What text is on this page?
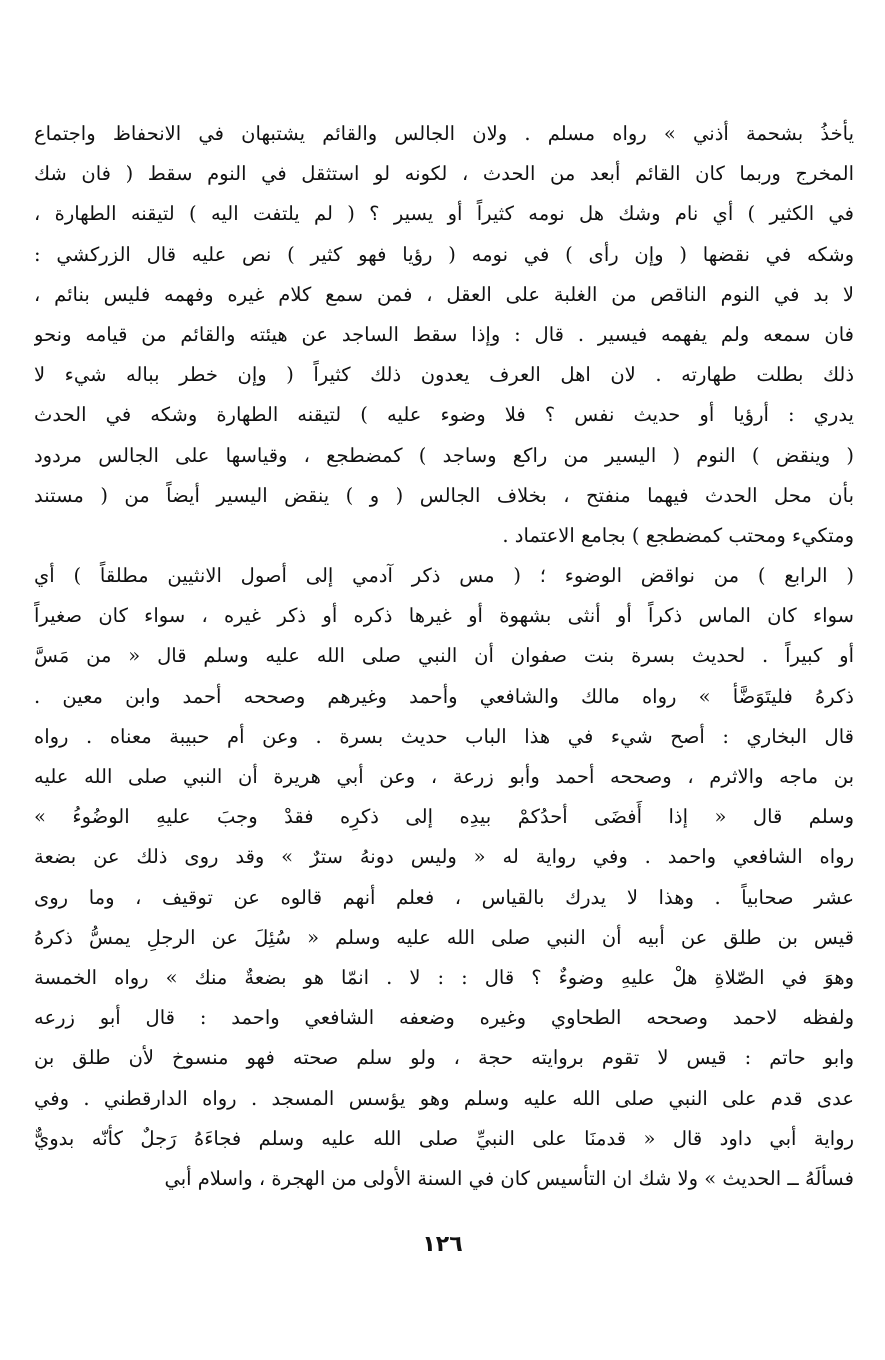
يأخذُ بشحمة أذني » رواه مسلم . ولان الجالس والقائم يشتبهان في الانحفاظ واجتماع
المخرج وربما كان القائم أبعد من الحدث ، لكونه لو استثقل في النوم سقط ( فان شك
في الكثير ) أي نام وشك هل نومه كثيراً أو يسير ؟ ( لم يلتفت اليه ) لتيقنه الطهارة ،
وشكه في نقضها ( وإن رأى ) في نومه ( رؤيا فهو كثير ) نص عليه قال الزركشي :
لا بد في النوم الناقص من الغلبة على العقل ، فمن سمع كلام غيره وفهمه فليس بنائم ،
فان سمعه ولم يفهمه فيسير . قال : وإذا سقط الساجد عن هيئته والقائم من قيامه ونحو
ذلك بطلت طهارته . لان اهل العرف يعدون ذلك كثيراً ( وإن خطر بباله شيء لا
يدري : أرؤيا أو حديث نفس ؟ فلا وضوء عليه ) لتيقنه الطهارة وشكه في الحدث
( وينقض ) النوم ( اليسير من راكع وساجد ) كمضطجع ، وقياسها على الجالس مردود
بأن محل الحدث فيهما منفتح ، بخلاف الجالس ( و ) ينقض اليسير أيضاً من ( مستند
ومتكيء ومحتب كمضطجع ) بجامع الاعتماد .
( الرابع ) من نواقض الوضوء ؛ ( مس ذكر آدمي إلى أصول الانثيين مطلقاً ) أي
سواء كان الماس ذكراً أو أنثى بشهوة أو غيرها ذكره أو ذكر غيره ، سواء كان صغيراً
أو كبيراً . لحديث بسرة بنت صفوان أن النبي صلى الله عليه وسلم قال « من مَسَّ
ذكرهُ فليتَوَضَّأ » رواه مالك والشافعي وأحمد وغيرهم وصححه أحمد وابن معين .
قال البخاري : أصح شيء في هذا الباب حديث بسرة . وعن أم حبيبة معناه . رواه
بن ماجه والاثرم ، وصححه أحمد وأبو زرعة ، وعن أبي هريرة أن النبي صلى الله عليه
وسلم قال « إذا أَفضَى أحدُكمْ بيدِه إلى ذكرِه فقدْ وجبَ عليهِ الوضُوءُ »
رواه الشافعي واحمد . وفي رواية له « وليس دونهُ سترٌ » وقد روى ذلك عن بضعة
عشر صحابياً . وهذا لا يدرك بالقياس ، فعلم أنهم قالوه عن توقيف ، وما روى
قيس بن طلق عن أبيه أن النبي صلى الله عليه وسلم « سُئِلَ عن الرجلِ يمسُّ ذكرهُ
وهوَ في الصّلاةِ هلْ عليهِ وضوءٌ ؟ قال : : لا . انمّا هو بضعةٌ منك » رواه الخمسة
ولفظه لاحمد وصححه الطحاوي وغيره وضعفه الشافعي واحمد : قال أبو زرعه
وابو حاتم : قيس لا تقوم بروايته حجة ، ولو سلم صحته فهو منسوخ لأن طلق بن
عدى قدم على النبي صلى الله عليه وسلم وهو يؤسس المسجد . رواه الدارقطني . وفي
رواية أبي داود قال « قدمنَا على النبيِّ صلى الله عليه وسلم فجاءَهُ رَجلٌ كأنّه بدويٌّ
فسألَهُ ــ الحديث » ولا شك ان التأسيس كان في السنة الأولى من الهجرة ، واسلام أبي
١٢٦
